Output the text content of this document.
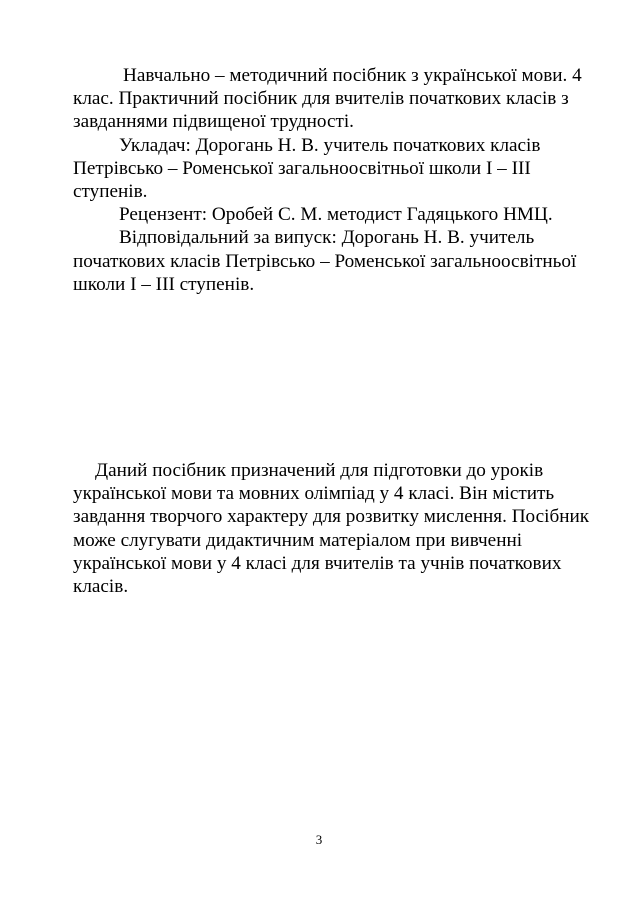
Навчально – методичний посібник з української мови. 4 клас. Практичний посібник для вчителів початкових класів з завданнями підвищеної трудності.

Укладач: Дорогань Н. В. учитель початкових класів Петрівсько – Роменської загальноосвітньої школи І – ІІІ ступенів.

Рецензент: Оробей С. М. методист Гадяцького НМЦ.

Відповідальний за випуск: Дорогань Н. В. учитель початкових класів Петрівсько – Роменської загальноосвітньої школи І – ІІІ ступенів.

Даний посібник призначений для підготовки до уроків української мови та мовних олімпіад у 4 класі. Він містить завдання творчого характеру для розвитку мислення. Посібник може слугувати дидактичним матеріалом при вивченні української мови у 4 класі для вчителів та учнів початкових класів.

3
